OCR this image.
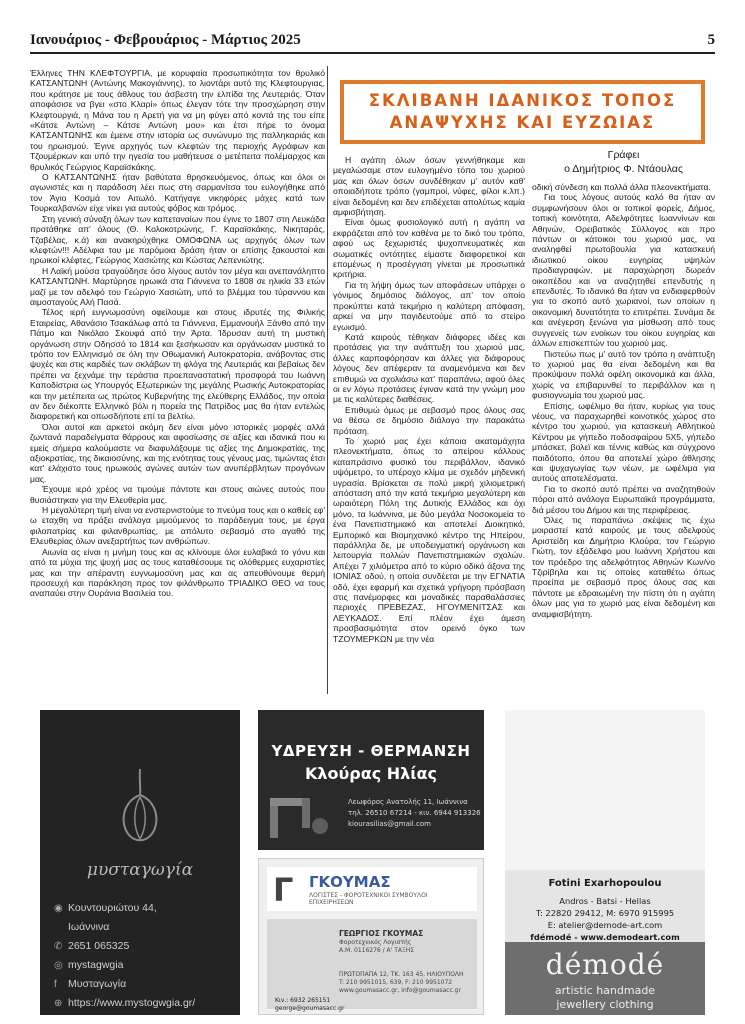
Ιανουάριος - Φεβρουάριος - Μάρτιος 2025	5

Έλληνες ΤΗΝ ΚΛΕΦΤΟΥΡΓΙΑ, με κορυφαία προσωπικότητα τον θρυλικό ΚΑΤΣΑΝΤΩΝΗ (Αντώνης Μακογιάννης), το λιοντάρι αυτό της Κλεφτουργιας, που κράτησε με τους άθλους του άσβεστη την ελπίδα της Λευτεριάς. Όταν αποφάσισε να βγει «στο Κλαρί» όπως έλεγαν τότε την προσχώρηση στην Κλεφτουργιά, η Μάνα του η Αρετή για να μη φύγει από κοντά της του είπε «Κάτσε Αντώνη – Κάτσε Αντώνη μου» και έτσι πήρε το όνομα ΚΑΤΣΑΝΤΩΝΗΣ και έμεινε στην ιστορία ως συνώνυμο της παλληκαριάς και του ηρωισμού. Έγινε αρχηγός των κλεφτών της περιοχής Αγράφων και Τζουμέρκων και υπό την ηγεσία του μαθήτευσε ο μετέπειτα πολέμαρχος και θρυλικός Γεώργιος Καραϊσκάκης.

Ο ΚΑΤΣΑΝΤΩΝΗΣ ήταν βαθύτατα θρησκευόμενος, όπως και όλοι οι αγωνιστές και η παράδοση λέει πως στη σαρμανίτσα του ευλογήθηκε από τον Άγιο Κοσμά τον Αιτωλό. Κατήγαγε νικηφόρες μάχες κατά των Τουρκαλβανών είχε νίκει για αυτούς φόβος και τρόμος.

Στη γενική σύναξη όλων των καπεταναίων που έγινε το 1807 στη Λευκάδα προτάθηκε απ' όλους (Θ. Κολοκοτρώνης, Γ. Καραϊσκάκης, Νικηταράς, Τζαβέλας, κ.ά) και ανακηρύχθηκε ΟΜΟΦΩΝΑ ως αρχηγός όλων των κλεφτών!!! Αδέλφια του με παρόμοια δράση ήταν οι επίσης ξακουστοί και ηρωικοί κλέφτες, Γεώργιος Χασιώτης και Κώστας Λεπενιώτης.

Η Λαϊκή μούσα τραγούδησε όσο λίγους αυτόν τον μέγα και ανεπανάληπτο ΚΑΤΣΑΝΤΩΝΗ. Μαρτύρησε ηρωικά στα Γιάννενα το 1808 σε ηλικία 33 ετών μαζί με τον αδελφό του Γεώργιο Χασιώτη, υπό το βλέμμα του τύραννου και αιμοσταγούς Αλή Πασά.

Τέλος ιερή ευγνωμοσύνη οφείλουμε και στους ιδρυτές της Φιλικής Εταιρείας, Αθανάσιο Τσακάλωφ από τα Γιάννενα, Εμμανουήλ Ξάνθο από την Πάτμο και Νικόλαο Σκουφά από την Άρτα. Ίδρυσαν αυτή τη μυστική οργάνωση στην Οδησσό το 1814 και ξεσήκωσαν και οργάνωσαν μυστικά το τρόπο τον Ελληνισμό σε όλη την Οθωμανική Αυτοκρατορία, ανάβοντας στις ψυχές και στις καρδιές των σκλάβων τη φλόγα της Λευτεριάς και βεβαίως δεν πρέπει να ξεχνάμε την τεράστια προεπαναστατική προσφορά του Ιωάννη Καποδίστρια ως Υπουργός Εξωτερικών της μεγάλης Ρωσικής Αυτοκρατορίας και την μετέπειτα ως πρώτος Κυβερνήτης της ελεύθερης Ελλάδος, την οποία αν δεν διέκοπτε Ελληνικό βόλι η πορεία της Πατρίδος μας θα ήταν εντελώς διαφορετική και οπωσδήποτε επί τα βελτίω.

Όλοι αυτοί και αρκετοί ακόμη δεν είναι μόνο ιστορικές μορφές αλλά ζωντανά παραδείγματα θάρρους και αφοσίωσης σε αξίες και ιδανικά που κι εμείς σήμερα καλούμαστε να διαφυλάξουμε τις αξίες της Δημοκρατίας, της αξιοκρατίας, της δικαιοσύνης, και της ενότητας τους γένους μας, τιμώντας έτσι κατ' ελάχιστο τους ηρωικούς αγώνες αυτών των ανυπέρβλητων προγόνων μας.

Έχουμε ιερό χρέος να τιμούμε πάντοτε και στους αιώνες αυτούς που θυσιάστηκαν για την Ελευθερία μας.

Η μεγαλύτερη τιμή είναι να ενστερνιστούμε το πνεύμα τους και ο καθείς εφ' ω εταχθη να πράξει ανάλογα μιμούμενος το παράδειγμα τους, με έργα φιλοπατρίας και φιλανθρωπίας, με απόλυτο σεβασμό στο αγαθό της Ελευθερίας όλων ανεξαρτήτως των ανθρώπων.

Αιωνία ας είναι η μνήμη τους και ας κλίνουμε όλοι ευλαβικά το γόνυ και από τα μύχια της ψυχή μας ας τους καταθέσουμε τις ολόθερμες ευχαριστίες μας και την απέραντη ευγνωμοσύνη μας και ας απευθύνουμε θερμή προσευχή και παράκληση προς τον φιλάνθρωπο ΤΡΙΑΔΙΚΟ ΘΕΟ να τους αναπαύει στην Ουράνια Βασιλεία του.

ΣΚΛΙΒΑΝΗ ΙΔΑΝΙΚΟΣ ΤΟΠΟΣ
ΑΝΑΨΥΧΗΣ ΚΑΙ ΕΥΖΩΙΑΣ
Γράφει
ο Δημήτριος Φ. Ντάουλας

Η αγάπη όλων όσων γεννήθηκαμε και μεγαλώσαμε στον ευλογημένο τόπο του χωριού μας και όλων όσων συνδέθηκαν μ' αυτόν καθ' οποιαδήποτε τρόπο (γαμπροί, νύφες, φίλοι κ.λπ.) είναι δεδομένη και δεν επιδέχεται απολύτως καμία αμφισβήτηση.

Είναι όμως φυσιολογικό αυτή η αγάπη να εκφράζεται από τον καθένα με το δικό του τρόπο, αφού ως ξεχωριστές ψυχοπνευματικές και σωματικές οντότητες είμαστε διαφορετικοί και επομένως η προσέγγιση γίνεται με προσωπικά κριτήρια.

Για τη λήψη όμως των αποφάσεων υπάρχει ο γόνιμος δημόσιος διάλογος, απ' τον οποίο προκύπτει κατά τεκμήριο η καλύτερη απόφαση, αρκεί να μην παγιδευτούμε από το στείρο εγωισμό.

Κατά καιρούς τέθηκαν διάφορες ιδέες και προτάσεις για την ανάπτυξη του χωριού μας, άλλες καρποφόρησαν και άλλες για διάφορους λόγους δεν απέφεραν τα αναμενόμενα και δεν επιθυμώ να σχολιάσω κατ' παραπάνω, αφού όλες οι εν λόγω προτάσεις έγιναν κατά την γνώμη μου με τις καλύτερες διαθέσεις.

Επιθυμώ όμως με σεβασμό προς όλους σας να θέσω σε δημόσιο διάλογο την παρακάτω πρόταση.

Το χωριό μας έχει κάποια ακαταμάχητα πλεονεκτήματα, όπως το απείρου κάλλους καταπράσινο φυσικό του περιβάλλον, ιδανικό υψόμετρο, το υπέροχο κλίμα με σχεδόν μηδενική υγρασία. Βρίσκεται σε πολύ μικρή χιλιομετρική απόσταση από την κατά τεκμήριο μεγαλύτερη και ωραιότερη Πόλη της Δυτικής Ελλάδος και όχι μόνο, τα Ιωάννινα, με δύο μεγάλα Νοσοκομεία το ένα Πανεπιστημιακό και αποτελεί Διοικητικό, Εμπορικό και Βιομηχανικό κέντρο της Ηπείρου, παράλληλα δε, με υποδειγματική οργάνωση και λειτουργία πολλών Πανεπιστημιακών σχολών. Απέχει 7 χιλιόμετρα από το κύριο οδικό άξονα της ΙΟΝΙΑΣ οδού, η οποία συνδέεται με την ΕΓΝΑΤΙΑ οδό, έχει εφαρμή και σχετικά γρήγορη πρόσβαση στις πανέμορφες και μοναδικές παραθαλάσσιες περιοχές ΠΡΕΒΕΖΑΣ, ΗΓΟΥΜΕΝΙΤΣΑΣ και ΛΕΥΚΑΔΟΣ. Επί πλέον έχει άμεση προσβασιμότητα στον ορεινό όγκο των ΤΖΟΥΜΕΡΚΩΝ με την νέα

οδική σύνδεση και πολλά άλλα πλεονεκτήματα.

Για τους λόγους αυτούς καλό θα ήταν αν συμφωνήσουν όλοι οι τοπικοί φορείς, Δήμος, τοπική κοινότητα, Αδελφότητες Ιωαννίνων και Αθηνών, Ορειβατικός Σύλλογος και προ πάντων οι κάτοικοι του χωριού μας, να αναληφθεί πρωτοβουλία για κατασκευή ιδιωτικού οίκου ευγηρίας υψηλών προδιαγραφών, με παραχώρηση δωρεάν οικοπέδου και να αναζητηθεί επενδυτής η επενδυτές. Το ιδανικό θα ήταν να ενδιαφερθούν για το σκοπό αυτό χωριανοί, των οποίων η οικονομική δυνατότητα το επιτρέπει. Συνάμα δε και ανέγερση ξενώνα για μίσθωση από τους συγγενείς των ενοίκων του οίκου ευγηρίας και άλλων επισκεπτών του χωριού μας.

Πιστεύω πως μ' αυτό τον τρόπο η ανάπτυξη το χωριού μας θα είναι δεδομένη και θα προκύψουν πολλά οφέλη οικονομικά και άλλα, χωρίς να επιβαρυνθεί το περιβάλλον και η φυσιογνωμία του χωριού μας.

Επίσης, ωφέλιμο θα ήταν, κυρίως για τους νέους, να παραχωρηθεί κοινοτικός χώρος στο κέντρο του χωριού, για κατασκευή Αθλητικού Κέντρου με γήπεδο ποδοσφαίρου 5Χ5, γήπεδο μπάσκετ, βολεϊ και τέννις καθώς και σύγχρονο παιδότοπο, όπου θα αποτελεί χώρο άθλησης και ψυχαγωγίας των νέων, με ωφέλιμα για αυτούς αποτελέσματα.

Για το σκοπό αυτό πρέπει να αναζητηθούν πόροι από ανάλογα Ευρωπαϊκά προγράμματα, διά μέσου του Δήμου και της περιφέρειας.

Όλες τις παραπάνω σκέψεις τις έχω μοιραστεί κατά καιρούς με τους αδελφούς Αριστείδη και Δημήτριο Κλούρα, τον Γεώργιο Γιώτη, τον εξάδελφο μου Ιωάννη Χρήστου και τον πρόεδρο της αδελφότητος Αθηνών Κων/νο Τζιρίβηλα και τις οποίες καταθέτω όπως προείπα με σεβασμό προς όλους σας και πάντοτε με εδραιωμένη την πίστη ότι η αγάπη όλων μας για το χωριό μας είναι δεδομένη και αναμφισβήτητη.

μυσταγωγία
◉ Κουντουριώτου 44,
Ιωάννινα
✆ 2651 065325
◎ mystagwgia
f Μυσταγωγία
⊕ https://www.mystogwgia.gr/
ΥΔΡΕΥΣΗ - ΘΕΡΜΑΝΣΗ
Κλούρας Ηλίας
Λεωφόρος Ανατολής 11, Ιωάννινα
τηλ. 26510 67214 - κιν. 6944 913326
kiourasilias@gmail.com
Γ ΓΚΟΥΜΑΣ
ΛΟΓΙΣΤΕΣ - ΦΟΡΟΤΕΧΝΙΚΟΙ ΣΥΜΒΟΥΛΟΙ ΕΠΙΧΕΙΡΗΣΕΩΝ
ΓΕΩΡΓΙΟΣ ΓΚΟΥΜΑΣ
Φοροτεχνικός Λογιστής
Α.Μ. 0116276 / Α' ΤΑΞΗΣ
ΠΡΩΤΟΠΑΠΑ 12, ΤΚ. 163 45, ΗΛΙΟΥΠΟΛΗ
T: 210 9951015, 639, F: 210 9951072
www.goumasacc.gr, info@goumasacc.gr
Κιν.: 6932 265151
george@goumasacc.gr
Fotini Exarhopoulou
Andros - Batsi - Hellas
T: 22820 29412, M: 6970 915995
E: atelier@demode-art.com
fdémodé - www.demodeart.com
démodé
artistic handmade
jewellery clothing
